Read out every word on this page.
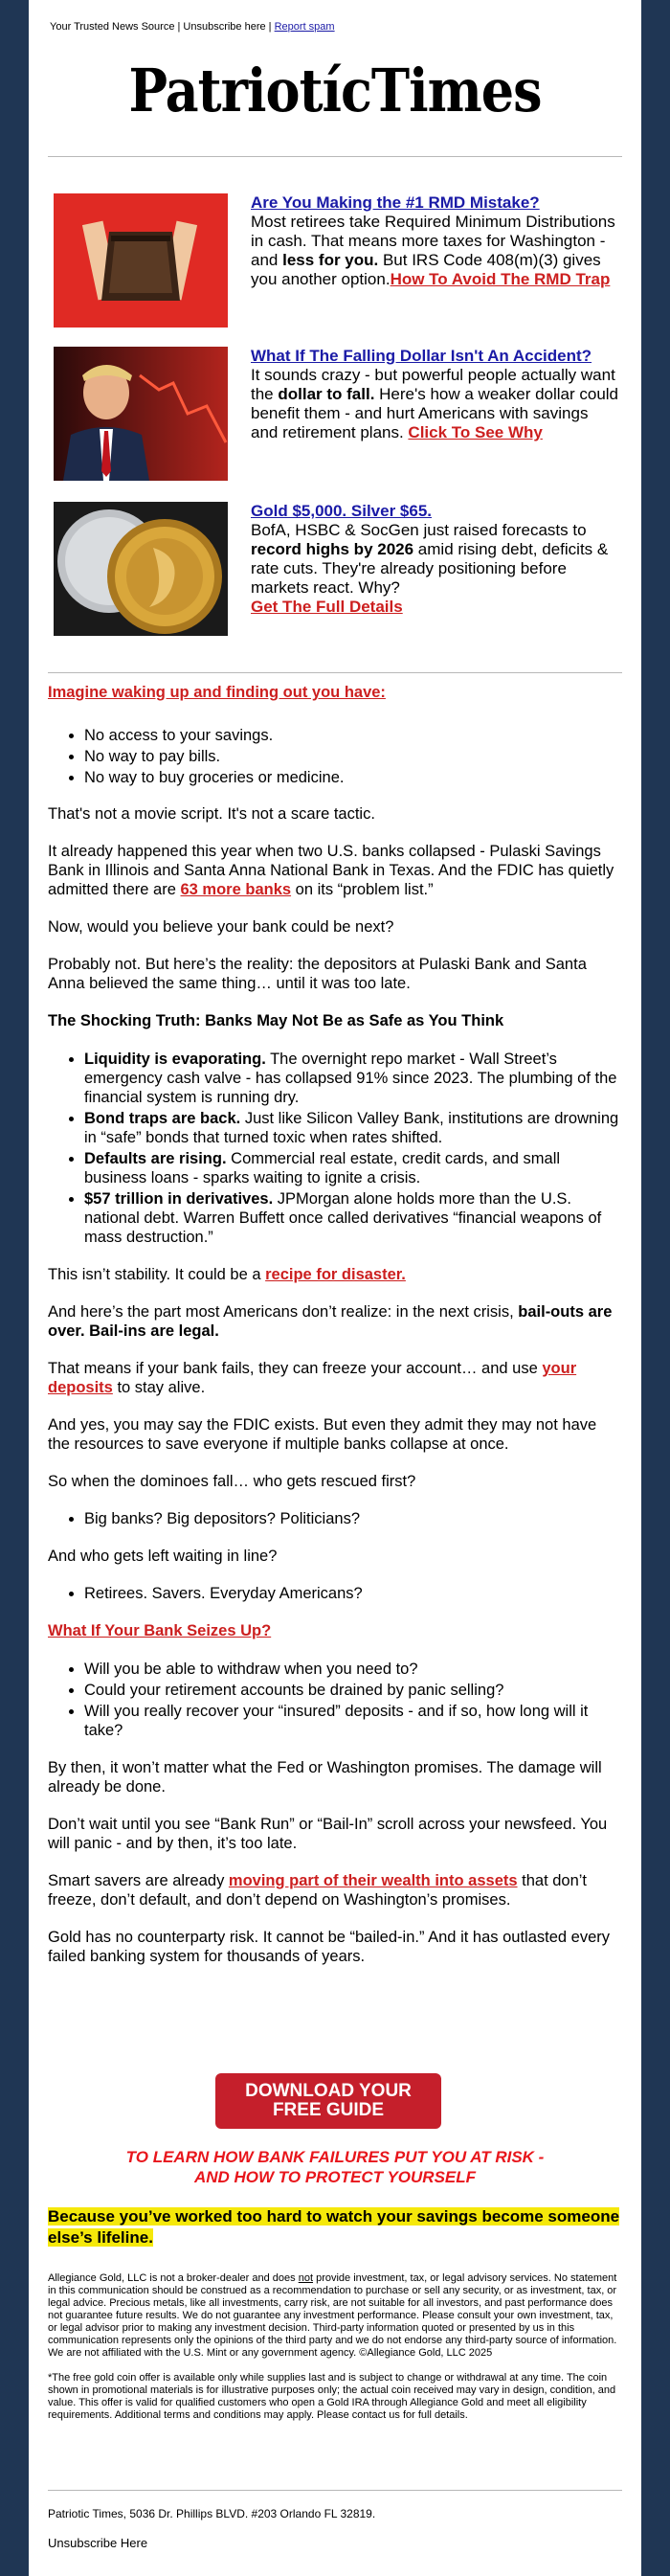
Your Trusted News Source | Unsubscribe here | Report spam
PatriotícTimes
Are You Making the #1 RMD Mistake?
Most retirees take Required Minimum Distributions in cash. That means more taxes for Washington - and less for you. But IRS Code 408(m)(3) gives you another option.How To Avoid The RMD Trap
What If The Falling Dollar Isn't An Accident?
It sounds crazy - but powerful people actually want the dollar to fall. Here's how a weaker dollar could benefit them - and hurt Americans with savings and retirement plans. Click To See Why
Gold $5,000. Silver $65.
BofA, HSBC & SocGen just raised forecasts to record highs by 2026 amid rising debt, deficits & rate cuts. They're already positioning before markets react. Why?
Get The Full Details

Imagine waking up and finding out you have:

• No access to your savings.
• No way to pay bills.
• No way to buy groceries or medicine.

That's not a movie script. It's not a scare tactic.

It already happened this year when two U.S. banks collapsed - Pulaski Savings Bank in Illinois and Santa Anna National Bank in Texas. And the FDIC has quietly admitted there are 63 more banks on its “problem list.”

Now, would you believe your bank could be next?

Probably not. But here’s the reality: the depositors at Pulaski Bank and Santa Anna believed the same thing… until it was too late.

The Shocking Truth: Banks May Not Be as Safe as You Think

• Liquidity is evaporating. The overnight repo market - Wall Street’s emergency cash valve - has collapsed 91% since 2023. The plumbing of the financial system is running dry.
• Bond traps are back. Just like Silicon Valley Bank, institutions are drowning in “safe” bonds that turned toxic when rates shifted.
• Defaults are rising. Commercial real estate, credit cards, and small business loans - sparks waiting to ignite a crisis.
• $57 trillion in derivatives. JPMorgan alone holds more than the U.S. national debt. Warren Buffett once called derivatives “financial weapons of mass destruction.”

This isn’t stability. It could be a recipe for disaster.

And here’s the part most Americans don’t realize: in the next crisis, bail-outs are over. Bail-ins are legal.

That means if your bank fails, they can freeze your account… and use your deposits to stay alive.

And yes, you may say the FDIC exists. But even they admit they may not have the resources to save everyone if multiple banks collapse at once.

So when the dominoes fall… who gets rescued first?

• Big banks? Big depositors? Politicians?

And who gets left waiting in line?

• Retirees. Savers. Everyday Americans?

What If Your Bank Seizes Up?

• Will you be able to withdraw when you need to?
• Could your retirement accounts be drained by panic selling?
• Will you really recover your “insured” deposits - and if so, how long will it take?

By then, it won’t matter what the Fed or Washington promises. The damage will already be done.

Don’t wait until you see “Bank Run” or “Bail-In” scroll across your newsfeed. You will panic - and by then, it’s too late.

Smart savers are already moving part of their wealth into assets that don’t freeze, don’t default, and don’t depend on Washington’s promises.

Gold has no counterparty risk. It cannot be “bailed-in.” And it has outlasted every failed banking system for thousands of years.

DOWNLOAD YOUR
FREE GUIDE
TO LEARN HOW BANK FAILURES PUT YOU AT RISK -
AND HOW TO PROTECT YOURSELF
Because you’ve worked too hard to watch your savings become someone else’s lifeline.

Allegiance Gold, LLC is not a broker-dealer and does not provide investment, tax, or legal advisory services. No statement in this communication should be construed as a recommendation to purchase or sell any security, or as investment, tax, or legal advice. Precious metals, like all investments, carry risk, are not suitable for all investors, and past performance does not guarantee future results. We do not guarantee any investment performance. Please consult your own investment, tax, or legal advisor prior to making any investment decision. Third-party information quoted or presented by us in this communication represents only the opinions of the third party and we do not endorse any third-party source of information. We are not affiliated with the U.S. Mint or any government agency. ©Allegiance Gold, LLC 2025

*The free gold coin offer is available only while supplies last and is subject to change or withdrawal at any time. The coin shown in promotional materials is for illustrative purposes only; the actual coin received may vary in design, condition, and value. This offer is valid for qualified customers who open a Gold IRA through Allegiance Gold and meet all eligibility requirements. Additional terms and conditions may apply. Please contact us for full details.

Patriotic Times, 5036 Dr. Phillips BLVD. #203 Orlando FL 32819.
Unsubscribe Here
